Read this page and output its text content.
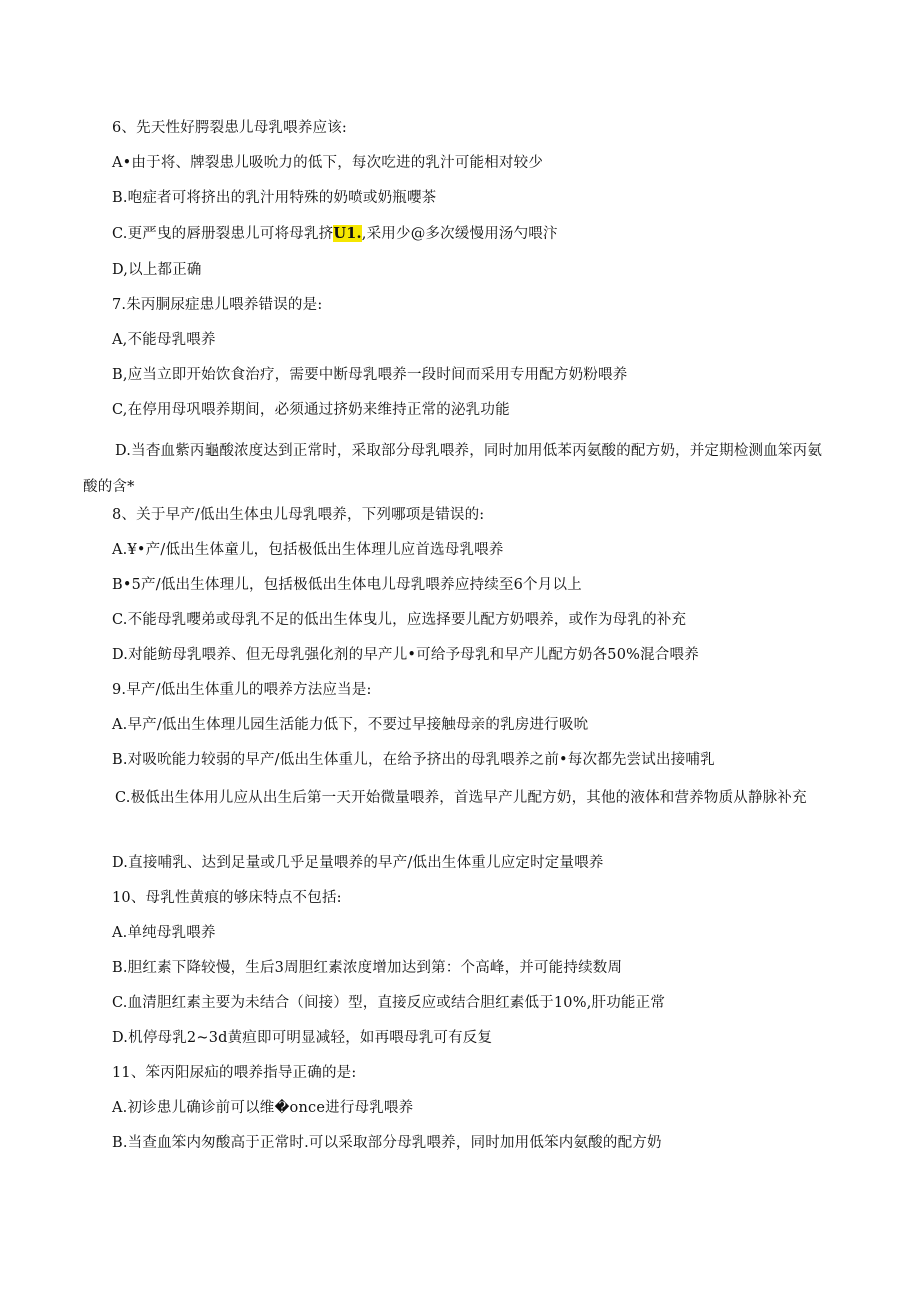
6、先天性好腭裂患儿母乳喂养应该:
A•由于将、牌裂患儿吸吮力的低下，每次吃进的乳汁可能相对较少
B.咆症者可将挤出的乳汁用特殊的奶喷或奶瓶嚶茶
C.更严曳的唇册裂患儿可将母乳挤U1.,采用少@多次缓慢用汤勺喂汴
D,以上都正确
7.朱丙胴尿症患儿喂养错误的是:
A,不能母乳喂养
B,应当立即开始饮食治疗，需要中断母乳喂养一段时间而采用专用配方奶粉喂养
C,在停用母巩喂养期间，必须通过挤奶来维持正常的泌乳功能
D.当杳血紫丙龜酸浓度达到正常时，采取部分母乳喂养，同时加用低苯丙氨酸的配方奶，并定期检测血笨丙氨酸的含*
8、关于早产/低出生体虫儿母乳喂养，下列哪项是错误的:
A.¥•产/低出生体童儿，包括极低出生体理儿应首选母乳喂养
B•5产/低出生体理儿，包括极低出生体电儿母乳喂养应持续至6个月以上
C.不能母乳嚶弟或母乳不足的低出生体曳儿，应选择要儿配方奶喂养，或作为母乳的补充
D.对能鲂母乳喂养、但无母乳强化剂的早产儿•可给予母乳和早产儿配方奶各50%混合喂养
9.早产/低出生体重儿的喂养方法应当是:
A.早产/低出生体理儿园生活能力低下，不要过早接触母亲的乳房进行吸吮
B.对吸吮能力较弱的早产/低出生体重儿，在给予挤出的母乳喂养之前•每次都先尝试出接哺乳
C.极低出生体用儿应从出生后第一天开始微量喂养，首选早产儿配方奶，其他的液体和营养物质从静脉补充
D.直接哺乳、达到足量或几乎足量喂养的早产/低出生体重儿应定时定量喂养
10、母乳性黄痕的够床特点不包括:
A.单纯母乳喂养
B.胆红素下降较慢，生后3周胆红素浓度增加达到第：个高峰，并可能持续数周
C.血清胆红素主要为未结合（间接）型，直接反应或结合胆红素低于10%,肝功能正常
D.机停母乳2~3d黄疸即可明显减轻，如再喂母乳可有反复
11、笨丙阳尿疝的喂养指导正确的是:
A.初诊患儿确诊前可以维�once进行母乳喂养
B.当查血笨内匆酸高于正常时.可以采取部分母乳喂养，同时加用低笨内氨酸的配方奶
